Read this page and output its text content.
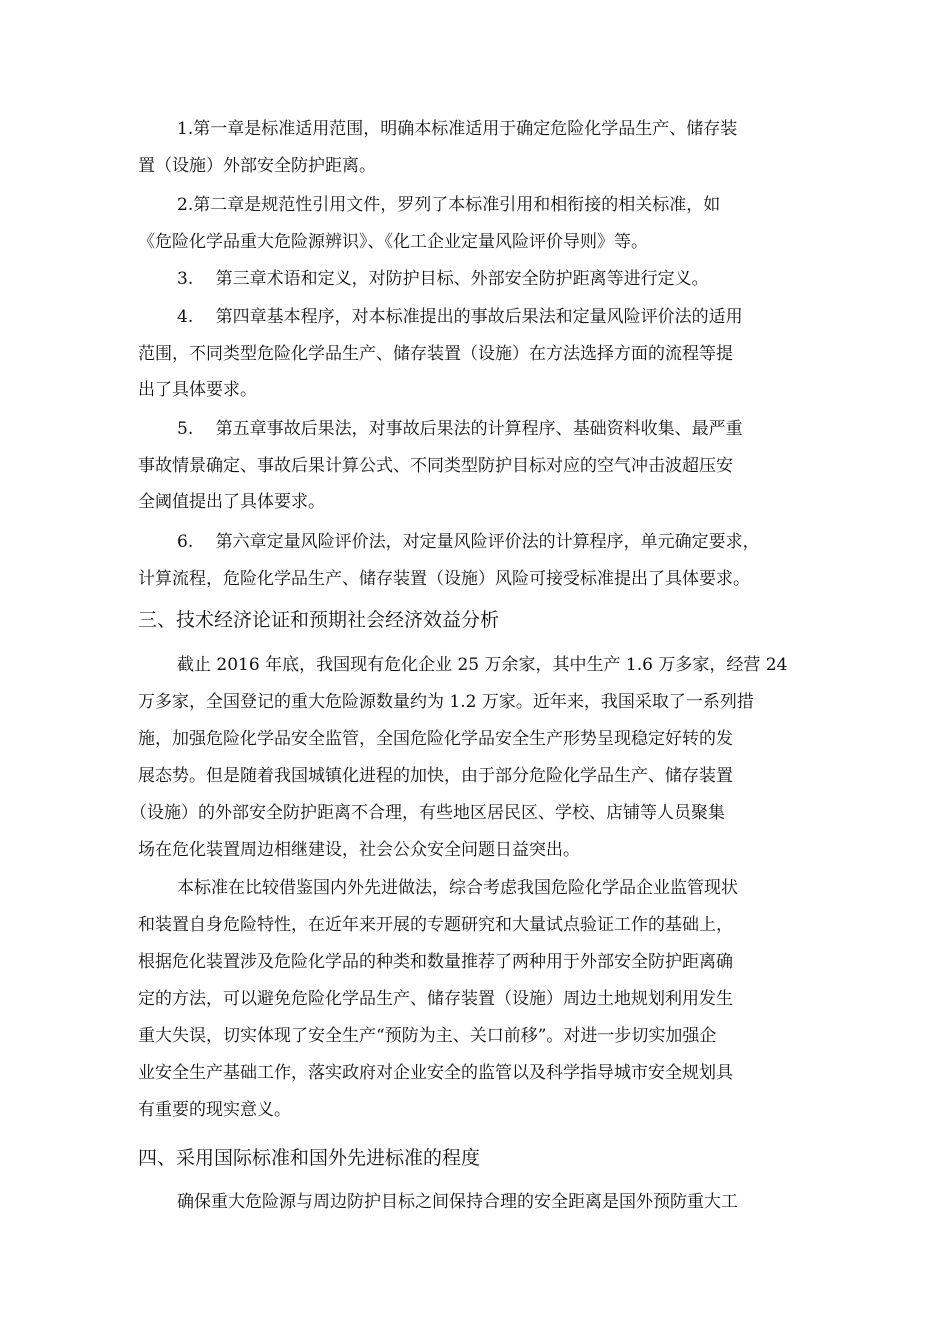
1.第一章是标准适用范围，明确本标准适用于确定危险化学品生产、储存装
置（设施）外部安全防护距离。
2.第二章是规范性引用文件，罗列了本标准引用和相衔接的相关标准，如
《危险化学品重大危险源辨识》、《化工企业定量风险评价导则》等。
3.　 第三章术语和定义，对防护目标、外部安全防护距离等进行定义。
4.　 第四章基本程序，对本标准提出的事故后果法和定量风险评价法的适用
范围，不同类型危险化学品生产、储存装置（设施）在方法选择方面的流程等提
出了具体要求。
5.　 第五章事故后果法，对事故后果法的计算程序、基础资料收集、最严重
事故情景确定、事故后果计算公式、不同类型防护目标对应的空气冲击波超压安
全阈值提出了具体要求。
6.　 第六章定量风险评价法，对定量风险评价法的计算程序，单元确定要求，
计算流程，危险化学品生产、储存装置（设施）风险可接受标准提出了具体要求。
三、技术经济论证和预期社会经济效益分析
截止 2016 年底，我国现有危化企业 25 万余家，其中生产 1.6 万多家，经营 24
万多家，全国登记的重大危险源数量约为 1.2 万家。近年来，我国采取了一系列措
施，加强危险化学品安全监管，全国危险化学品安全生产形势呈现稳定好转的发
展态势。但是随着我国城镇化进程的加快，由于部分危险化学品生产、储存装置
（设施）的外部安全防护距离不合理，有些地区居民区、学校、店铺等人员聚集
场在危化装置周边相继建设，社会公众安全问题日益突出。
本标准在比较借鉴国内外先进做法，综合考虑我国危险化学品企业监管现状
和装置自身危险特性，在近年来开展的专题研究和大量试点验证工作的基础上，
根据危化装置涉及危险化学品的种类和数量推荐了两种用于外部安全防护距离确
定的方法，可以避免危险化学品生产、储存装置（设施）周边土地规划利用发生
重大失误，切实体现了安全生产“预防为主、关口前移”。对进一步切实加强企
业安全生产基础工作，落实政府对企业安全的监管以及科学指导城市安全规划具
有重要的现实意义。
四、采用国际标准和国外先进标准的程度
确保重大危险源与周边防护目标之间保持合理的安全距离是国外预防重大工
